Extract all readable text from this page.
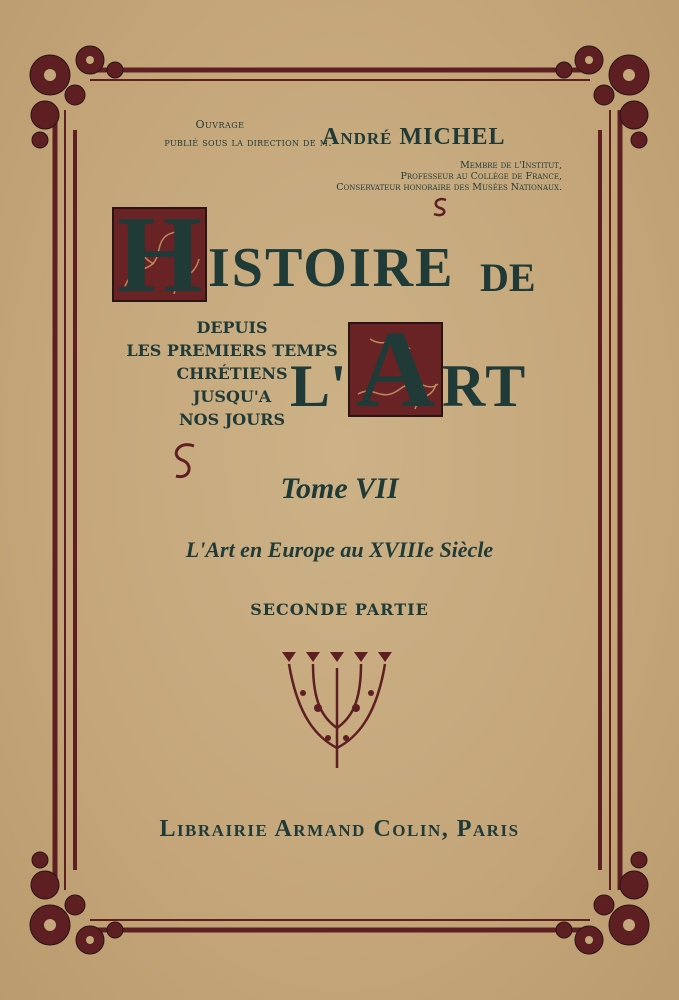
Ouvrage
publié sous la direction de m.
André MICHEL
Membre de l'Institut,
Professeur au Collège de France,
Conservateur honoraire des Musées Nationaux.
H ISTOIRE DE
DEPUIS
LES PREMIERS TEMPS
CHRÉTIENS
JUSQU'A
NOS JOURS
L' A RT
Tome VII
L'Art en Europe au XVIIIe Siècle
SECONDE PARTIE
Librairie Armand Colin, Paris
